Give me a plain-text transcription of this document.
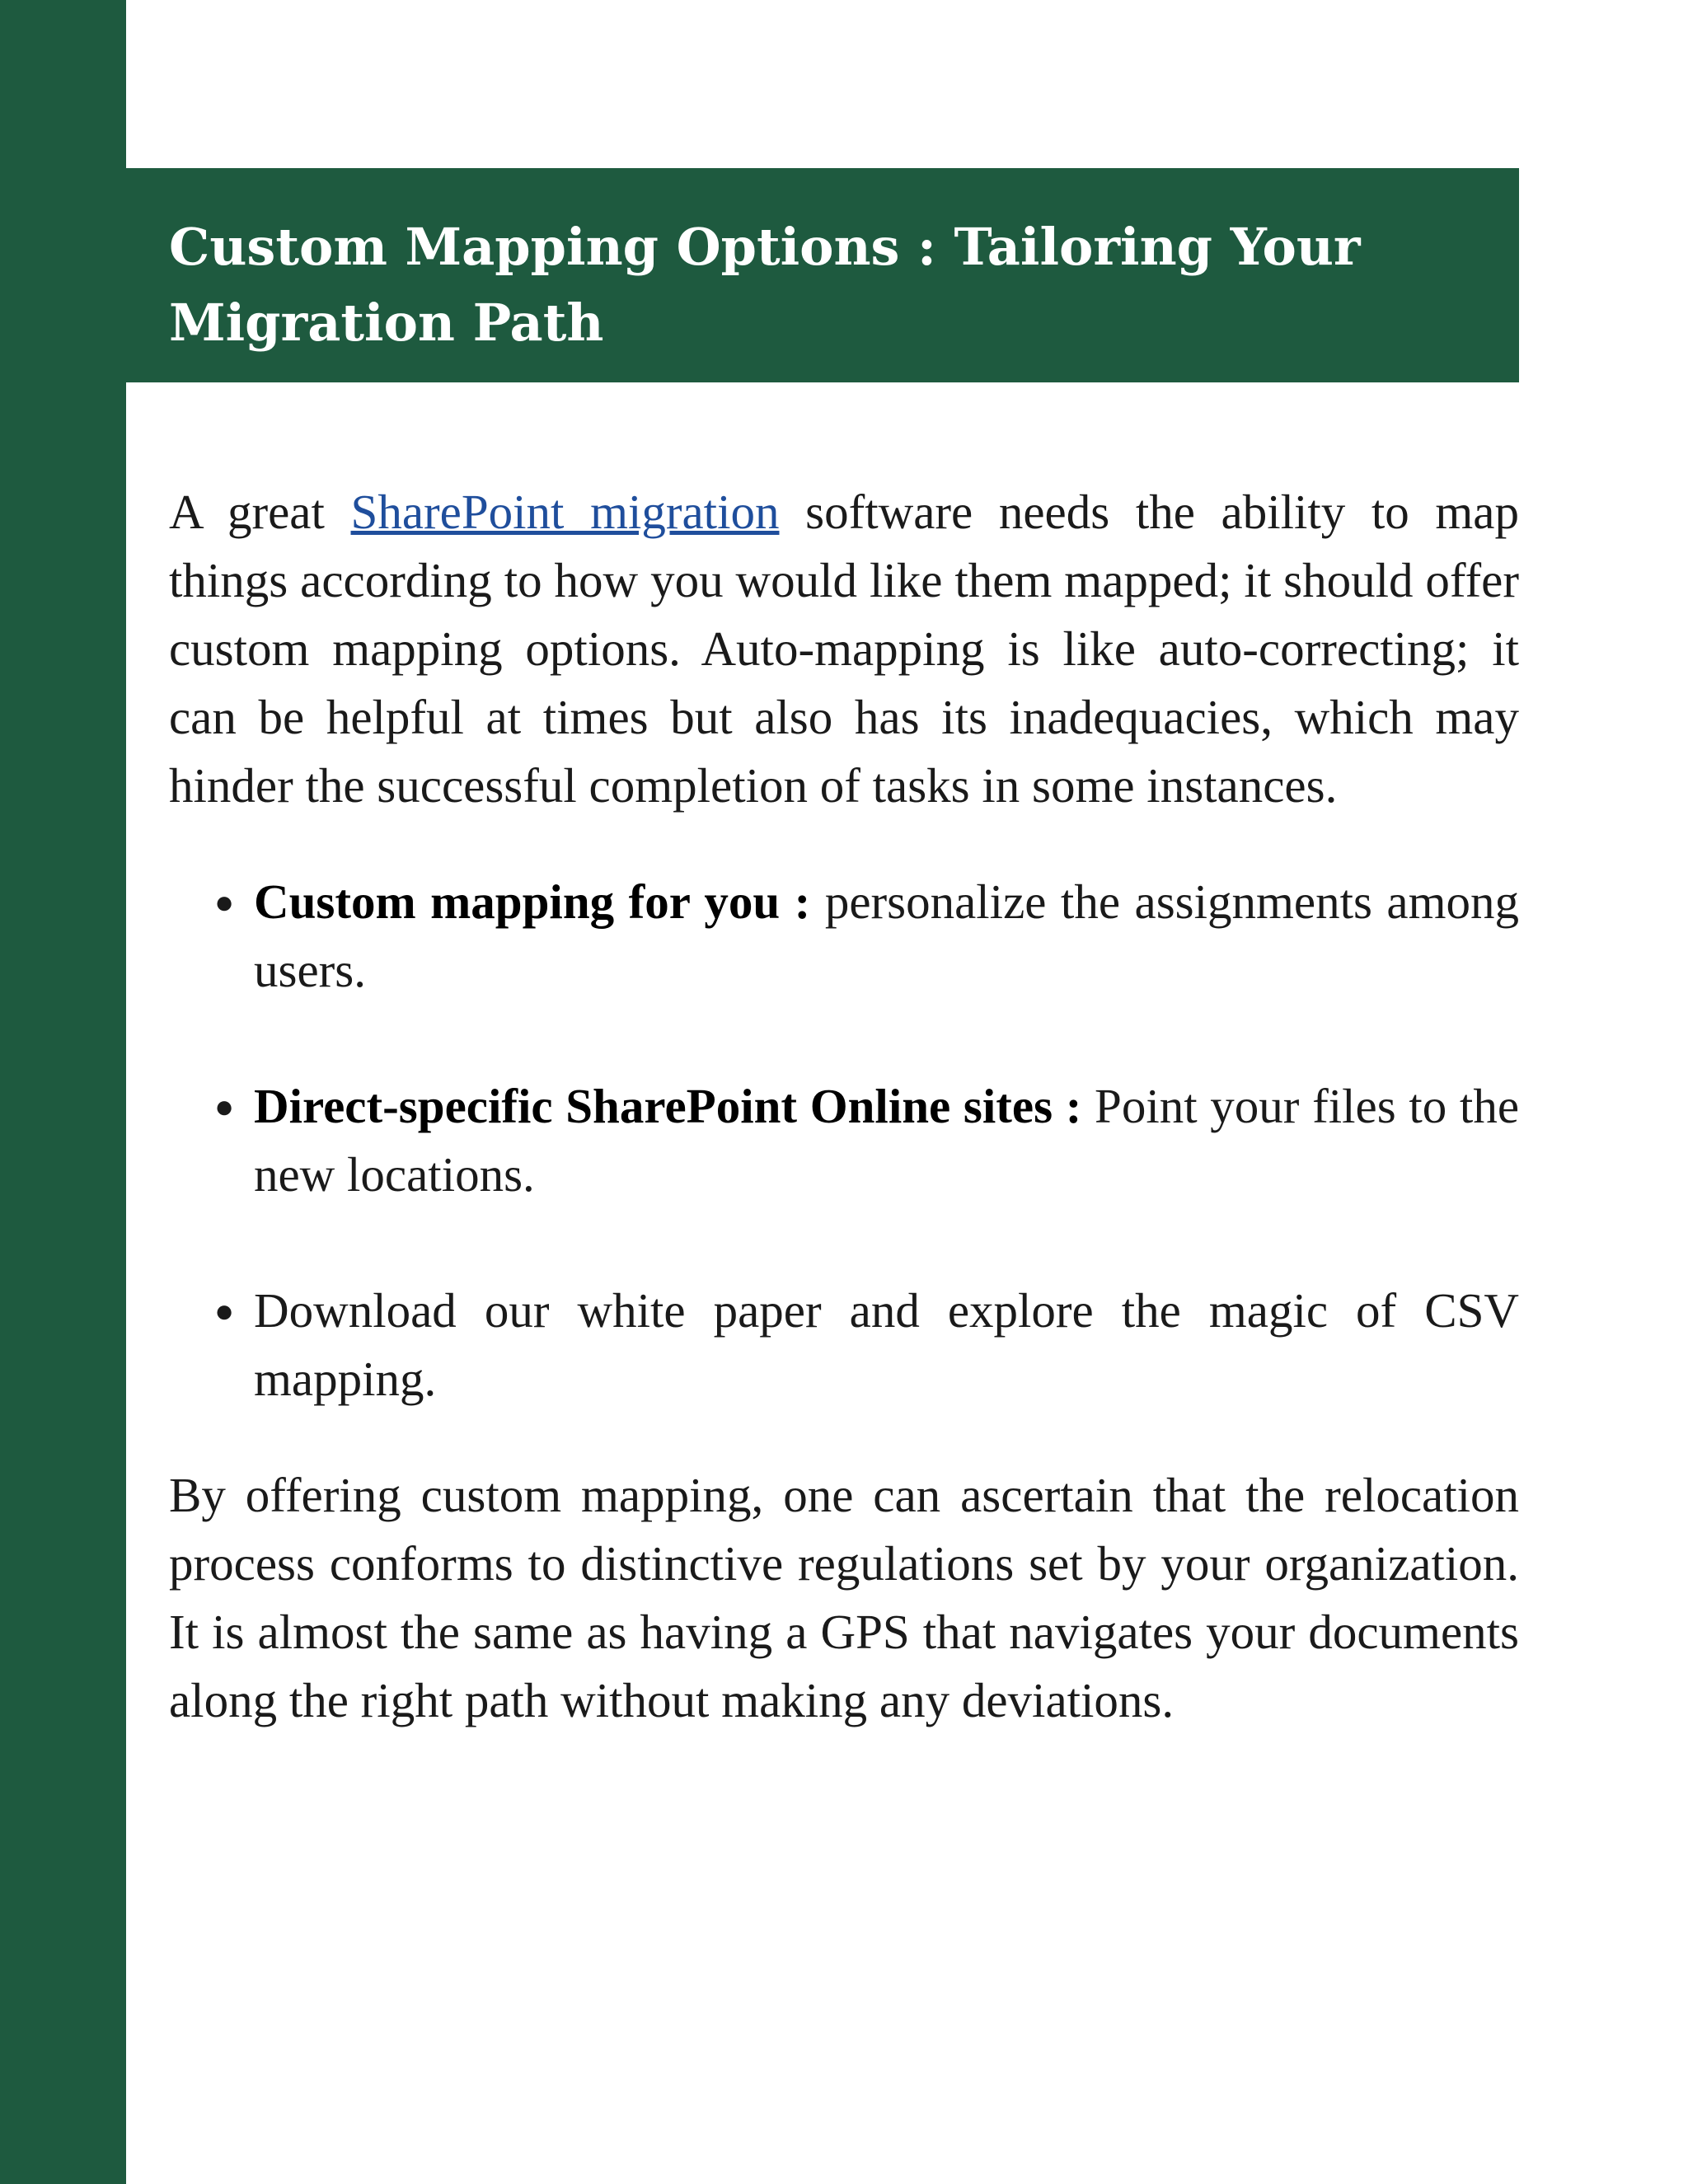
Custom Mapping Options : Tailoring Your
Migration Path

A great SharePoint migration software needs the ability to map things according to how you would like them mapped; it should offer custom mapping options. Auto-mapping is like auto-correcting; it can be helpful at times but also has its inadequacies, which may hinder the successful completion of tasks in some instances.

● Custom mapping for you : personalize the assignments among users.
● Direct-specific SharePoint Online sites : Point your files to the new locations.
● Download our white paper and explore the magic of CSV mapping.

By offering custom mapping, one can ascertain that the relocation process conforms to distinctive regulations set by your organization. It is almost the same as having a GPS that navigates your documents along the right path without making any deviations.
